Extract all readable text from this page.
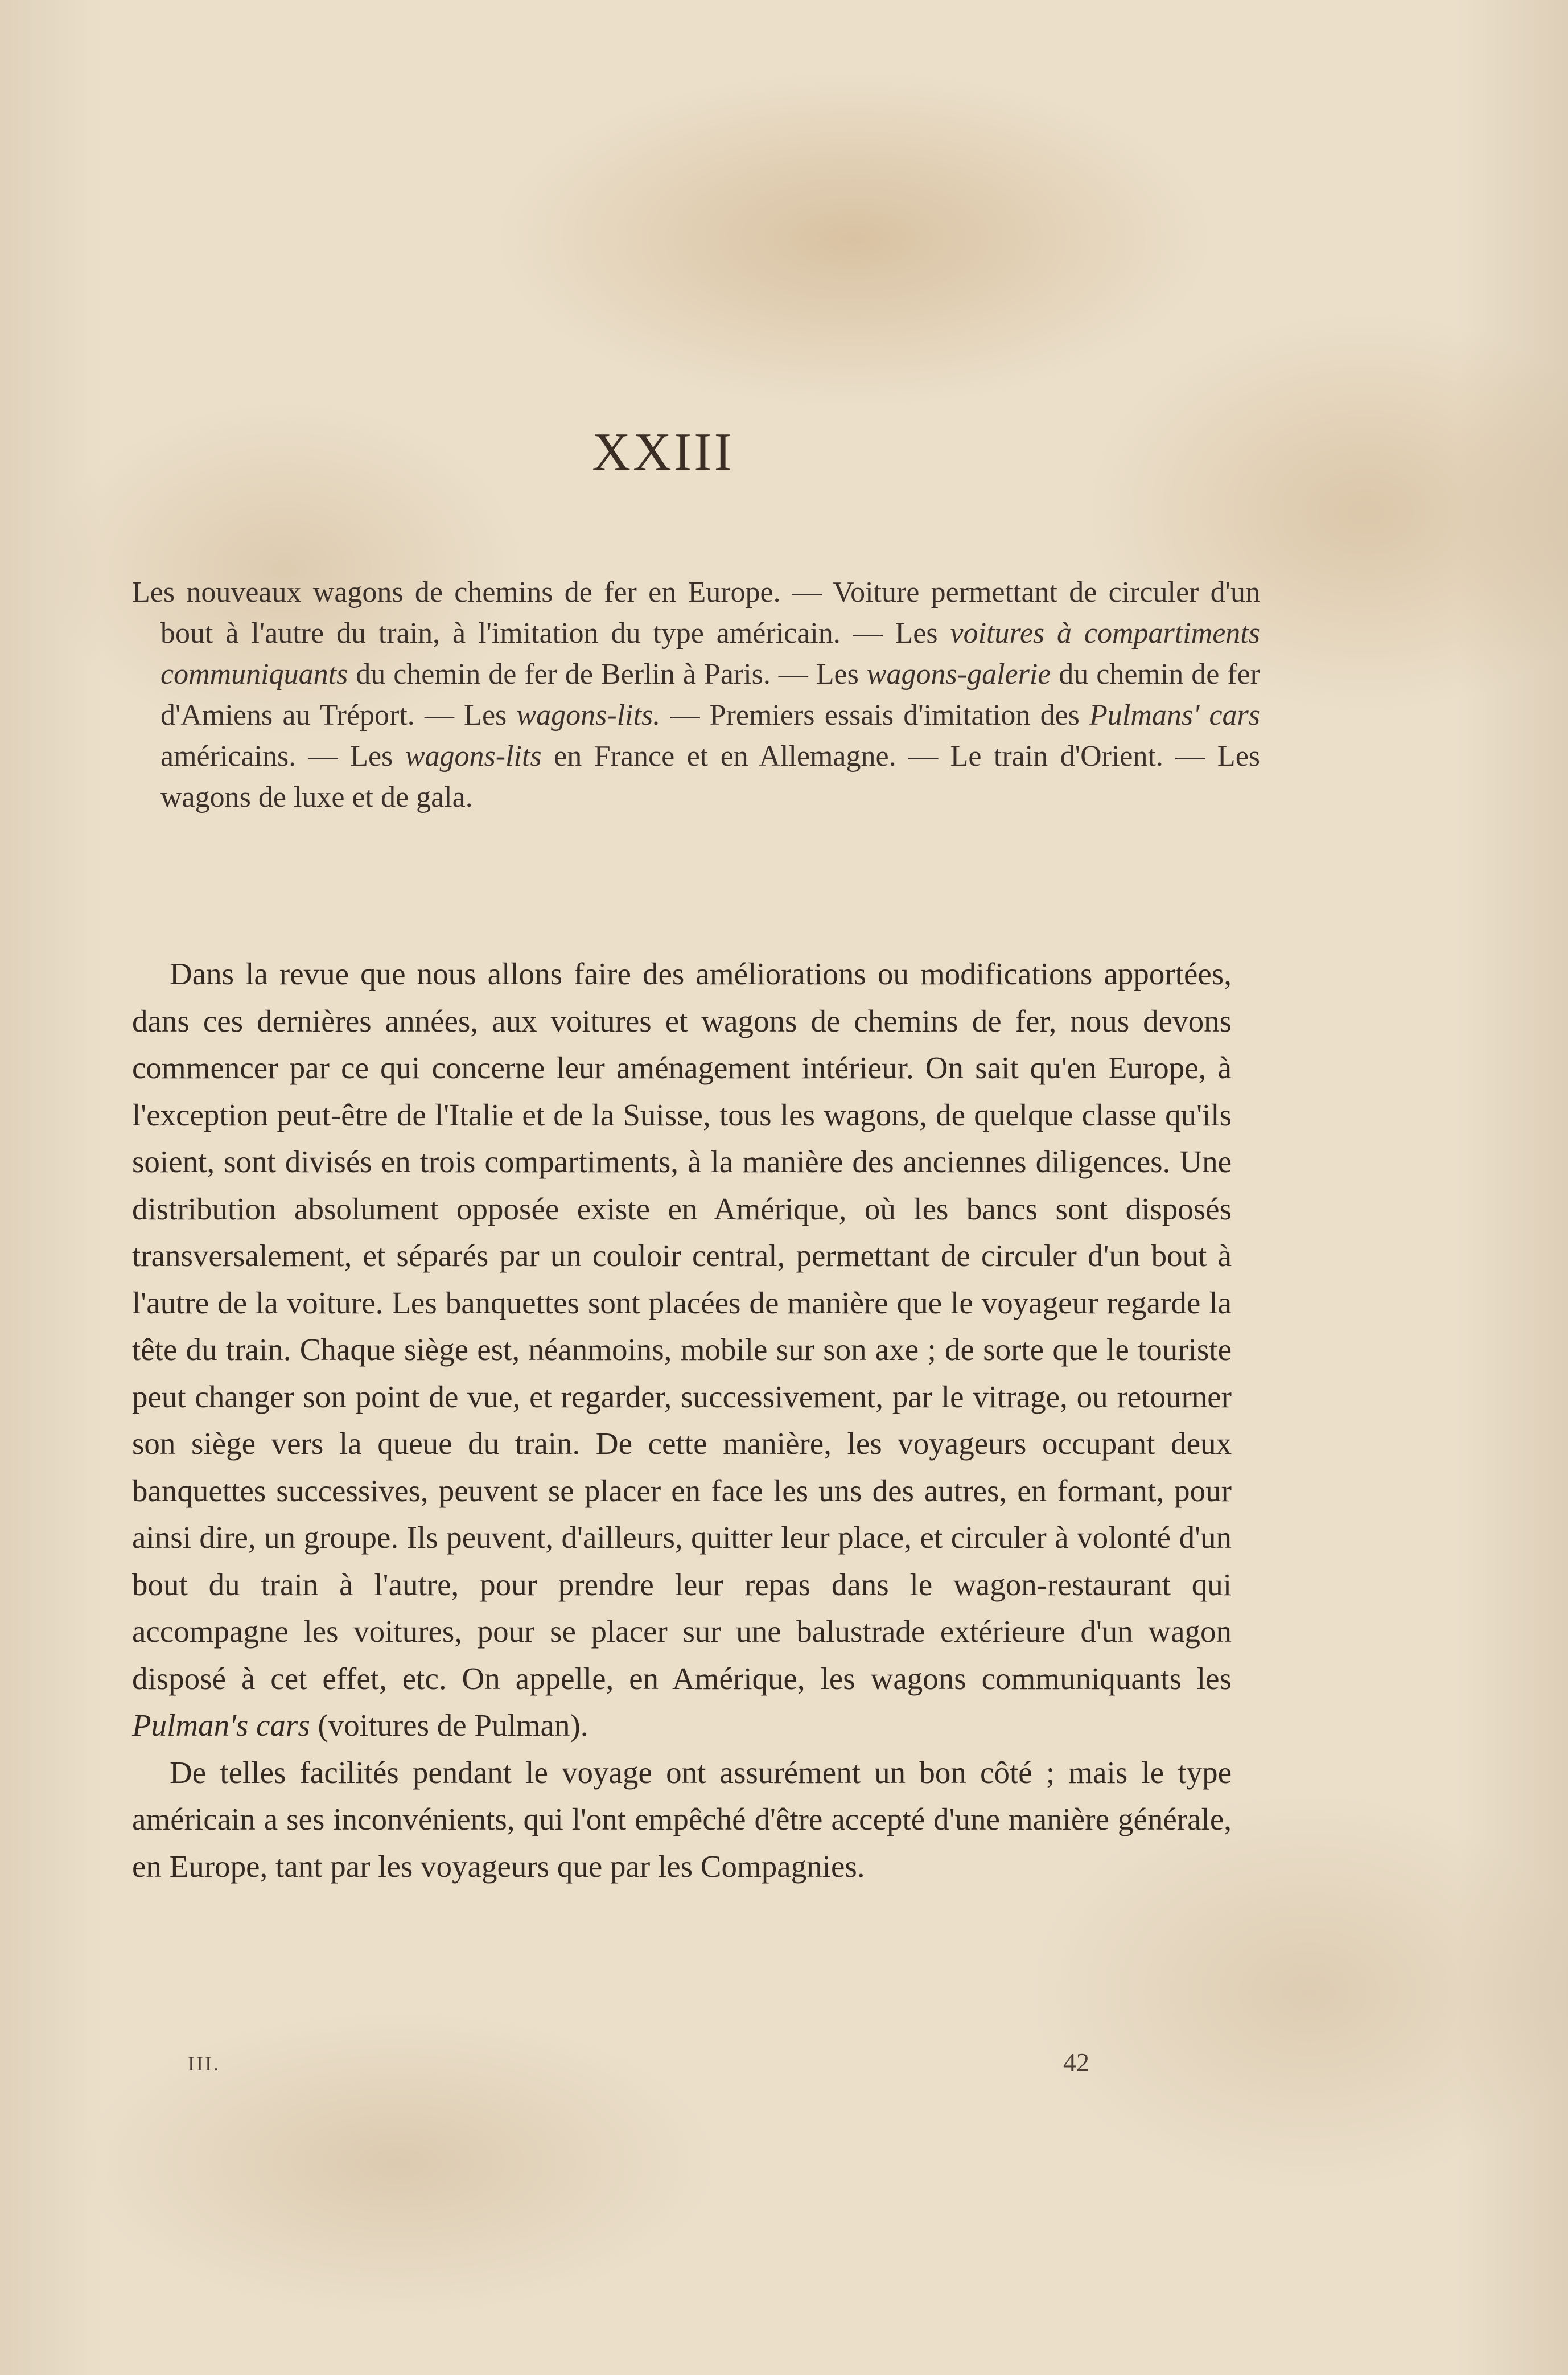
XXIII
Les nouveaux wagons de chemins de fer en Europe. — Voiture permettant de circuler d'un bout à l'autre du train, à l'imitation du type américain. — Les voitures à compartiments communiquants du chemin de fer de Berlin à Paris. — Les wagons-galerie du chemin de fer d'Amiens au Tréport. — Les wagons-lits. — Premiers essais d'imitation des Pulmans' cars américains. — Les wagons-lits en France et en Allemagne. — Le train d'Orient. — Les wagons de luxe et de gala.

Dans la revue que nous allons faire des améliorations ou modifications apportées, dans ces dernières années, aux voitures et wagons de chemins de fer, nous devons commencer par ce qui concerne leur aménagement intérieur. On sait qu'en Europe, à l'exception peut-être de l'Italie et de la Suisse, tous les wagons, de quelque classe qu'ils soient, sont divisés en trois compartiments, à la manière des anciennes diligences. Une distribution absolument opposée existe en Amérique, où les bancs sont disposés transversalement, et séparés par un couloir central, permettant de circuler d'un bout à l'autre de la voiture. Les banquettes sont placées de manière que le voyageur regarde la tête du train. Chaque siège est, néanmoins, mobile sur son axe ; de sorte que le touriste peut changer son point de vue, et regarder, successivement, par le vitrage, ou retourner son siège vers la queue du train. De cette manière, les voyageurs occupant deux banquettes successives, peuvent se placer en face les uns des autres, en formant, pour ainsi dire, un groupe. Ils peuvent, d'ailleurs, quitter leur place, et circuler à volonté d'un bout du train à l'autre, pour prendre leur repas dans le wagon-restaurant qui accompagne les voitures, pour se placer sur une balustrade extérieure d'un wagon disposé à cet effet, etc. On appelle, en Amérique, les wagons communiquants les Pulman's cars (voitures de Pulman).

De telles facilités pendant le voyage ont assurément un bon côté ; mais le type américain a ses inconvénients, qui l'ont empêché d'être accepté d'une manière générale, en Europe, tant par les voyageurs que par les Compagnies.

III.	42
